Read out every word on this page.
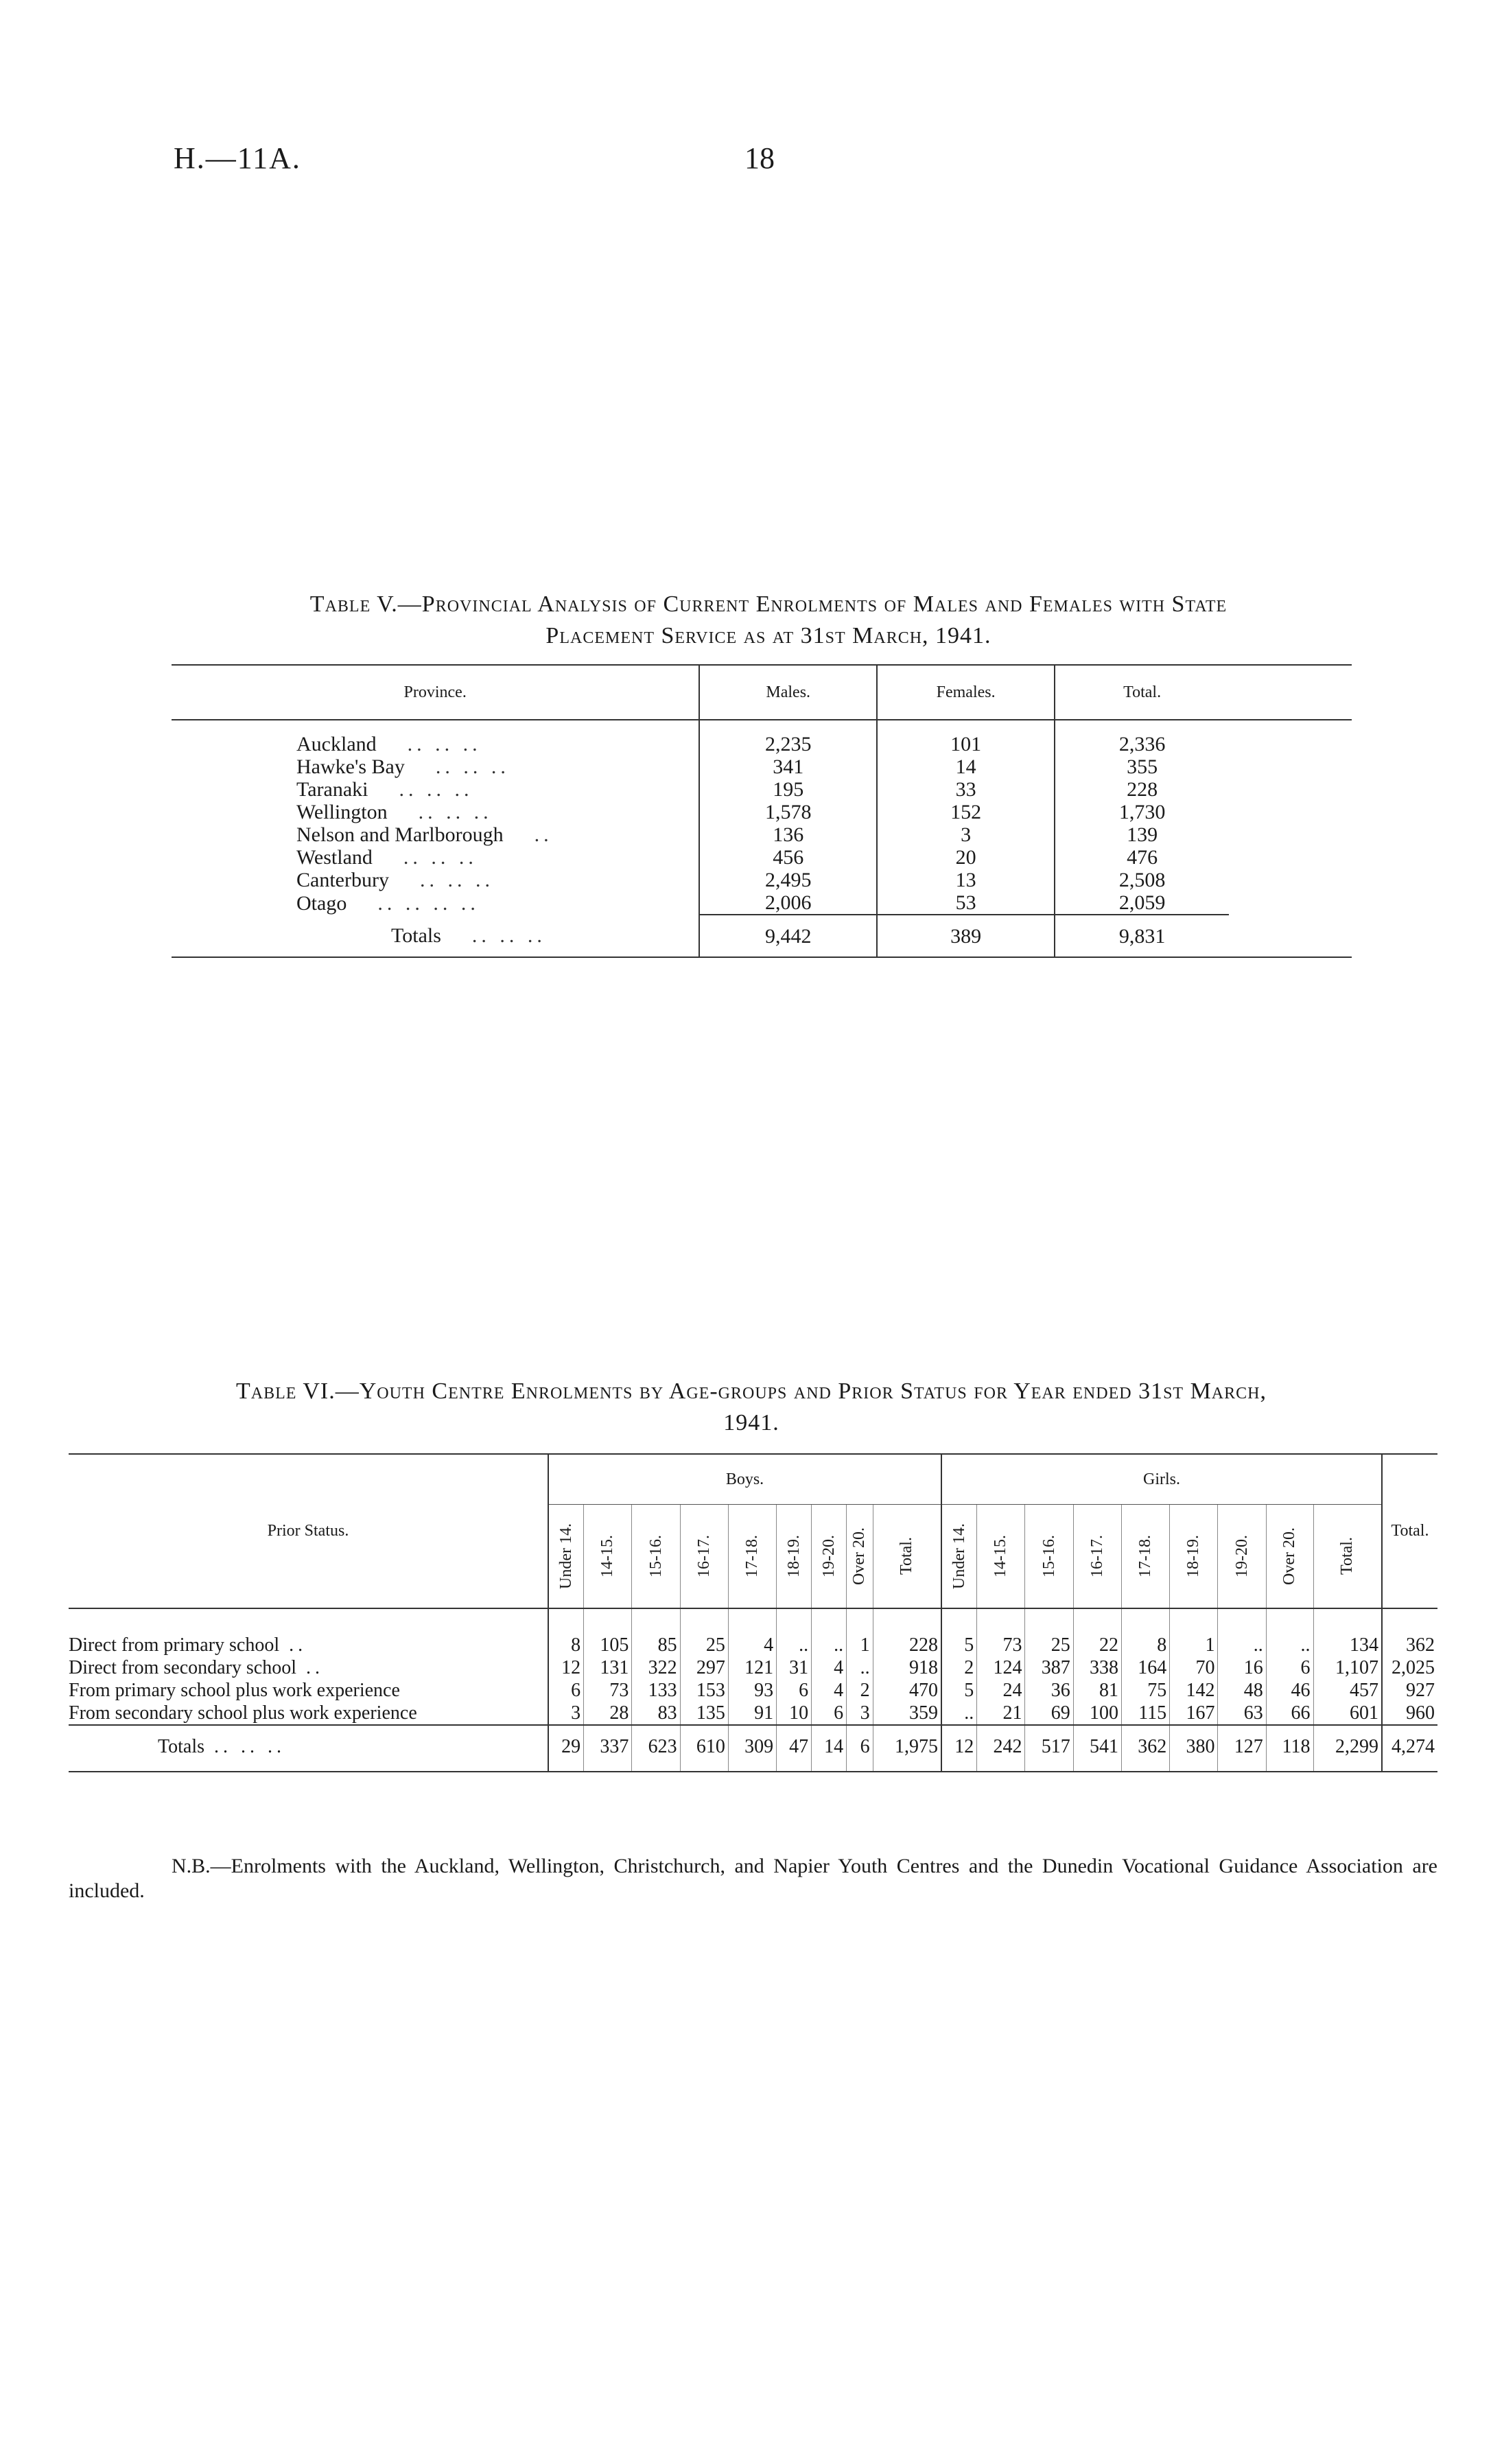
H.—11A.	18
Table V.—Provincial Analysis of Current Enrolments of Males and Females with State
Placement Service as at 31st March, 1941.
Province.	Males.	Females.	Total.	

Auckland .. .. ..	2,235	101	2,336	
Hawke's Bay .. .. ..	341	14	355	
Taranaki .. .. ..	195	33	228	
Wellington .. .. ..	1,578	152	1,730	
Nelson and Marlborough ..	136	3	139	
Westland .. .. ..	456	20	476	
Canterbury .. .. ..	2,495	13	2,508	
Otago .. .. .. ..	2,006	53	2,059	
Totals .. .. ..	9,442	389	9,831	
Table VI.—Youth Centre Enrolments by Age-groups and Prior Status for Year ended 31st March,
1941.
Prior Status.	Boys.									Girls.									Total.

	Under 14.	14-15.	15-16.	16-17.	17-18.	18-19.	19-20.	Over 20.	Total.	Under 14.	14-15.	15-16.	16-17.	17-18.	18-19.	19-20.	Over 20.	Total.	

Direct from primary school ..	8	105	85	25	4	..	..	1	228	5	73	25	22	8	1	..	..	134	362
Direct from secondary school ..	12	131	322	297	121	31	4	..	918	2	124	387	338	164	70	16	6	1,107	2,025
From primary school plus work experience	6	73	133	153	93	6	4	2	470	5	24	36	81	75	142	48	46	457	927
From secondary school plus work experience	3	28	83	135	91	10	6	3	359	..	21	69	100	115	167	63	66	601	960
Totals .. .. ..	29	337	623	610	309	47	14	6	1,975	12	242	517	541	362	380	127	118	2,299	4,274
N.B.—Enrolments with the Auckland, Wellington, Christchurch, and Napier Youth Centres and the Dunedin Vocational Guidance Association are included.
